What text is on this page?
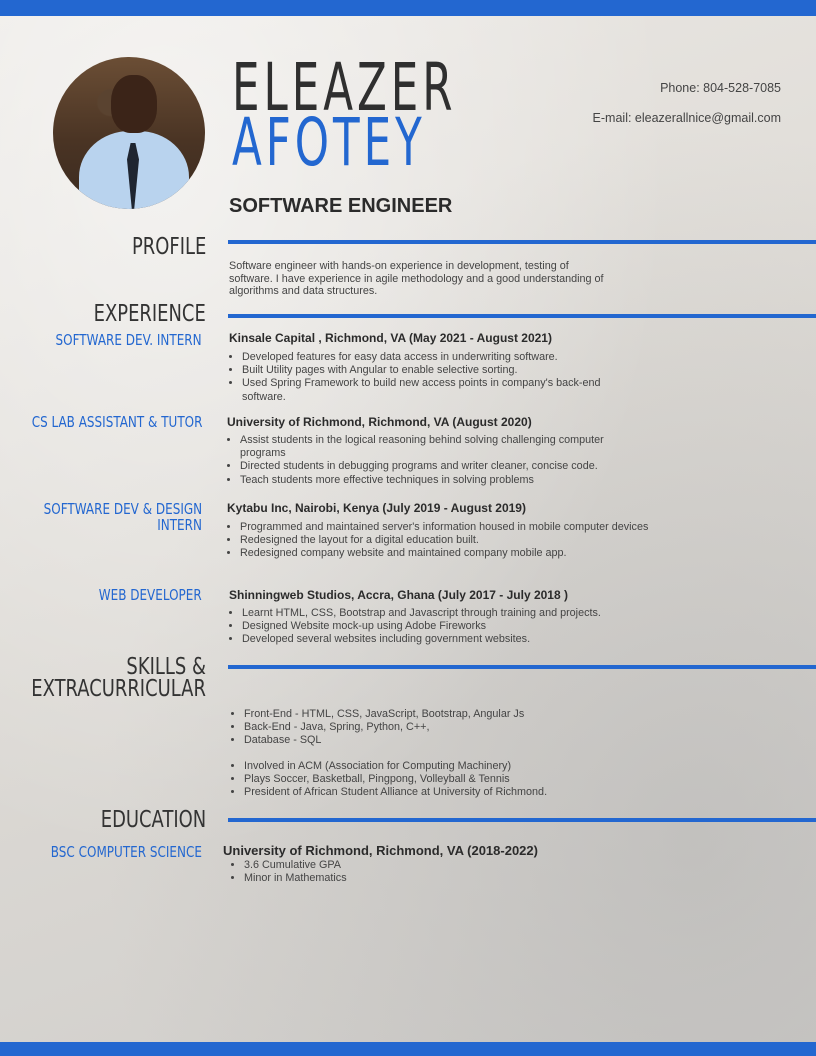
ELEAZER
AFOTEY
Phone: 804-528-7085
E-mail: eleazerallnice@gmail.com
SOFTWARE ENGINEER
PROFILE
Software engineer with hands-on experience in development, testing of software. I have experience in agile methodology and a good understanding of algorithms and data structures.
EXPERIENCE
SOFTWARE DEV. INTERN Kinsale Capital , Richmond, VA (May 2021 - August 2021)
• Developed features for easy data access in underwriting software.
• Built Utility pages with Angular to enable selective sorting.
• Used Spring Framework to build new access points in company's back-end software.
CS LAB ASSISTANT & TUTOR University of Richmond, Richmond, VA (August 2020)
• Assist students in the logical reasoning behind solving challenging computer programs
• Directed students in debugging programs and writer cleaner, concise code.
• Teach students more effective techniques in solving problems
SOFTWARE DEV & DESIGN
INTERN
Kytabu Inc, Nairobi, Kenya (July 2019 - August 2019)
• Programmed and maintained server's information housed in mobile computer devices
• Redesigned the layout for a digital education built.
• Redesigned company website and maintained company mobile app.
WEB DEVELOPER Shinningweb Studios, Accra, Ghana (July 2017 - July 2018 )
• Learnt HTML, CSS, Bootstrap and Javascript through training and projects.
• Designed Website mock-up using Adobe Fireworks
• Developed several websites including government websites.
SKILLS &
EXTRACURRICULAR
• Front-End - HTML, CSS, JavaScript, Bootstrap, Angular Js
• Back-End - Java, Spring, Python, C++,
• Database - SQL
• Involved in ACM (Association for Computing Machinery)
• Plays Soccer, Basketball, Pingpong, Volleyball & Tennis
• President of African Student Alliance at University of Richmond.
EDUCATION
BSC COMPUTER SCIENCE University of Richmond, Richmond, VA (2018-2022)
• 3.6 Cumulative GPA
• Minor in Mathematics
